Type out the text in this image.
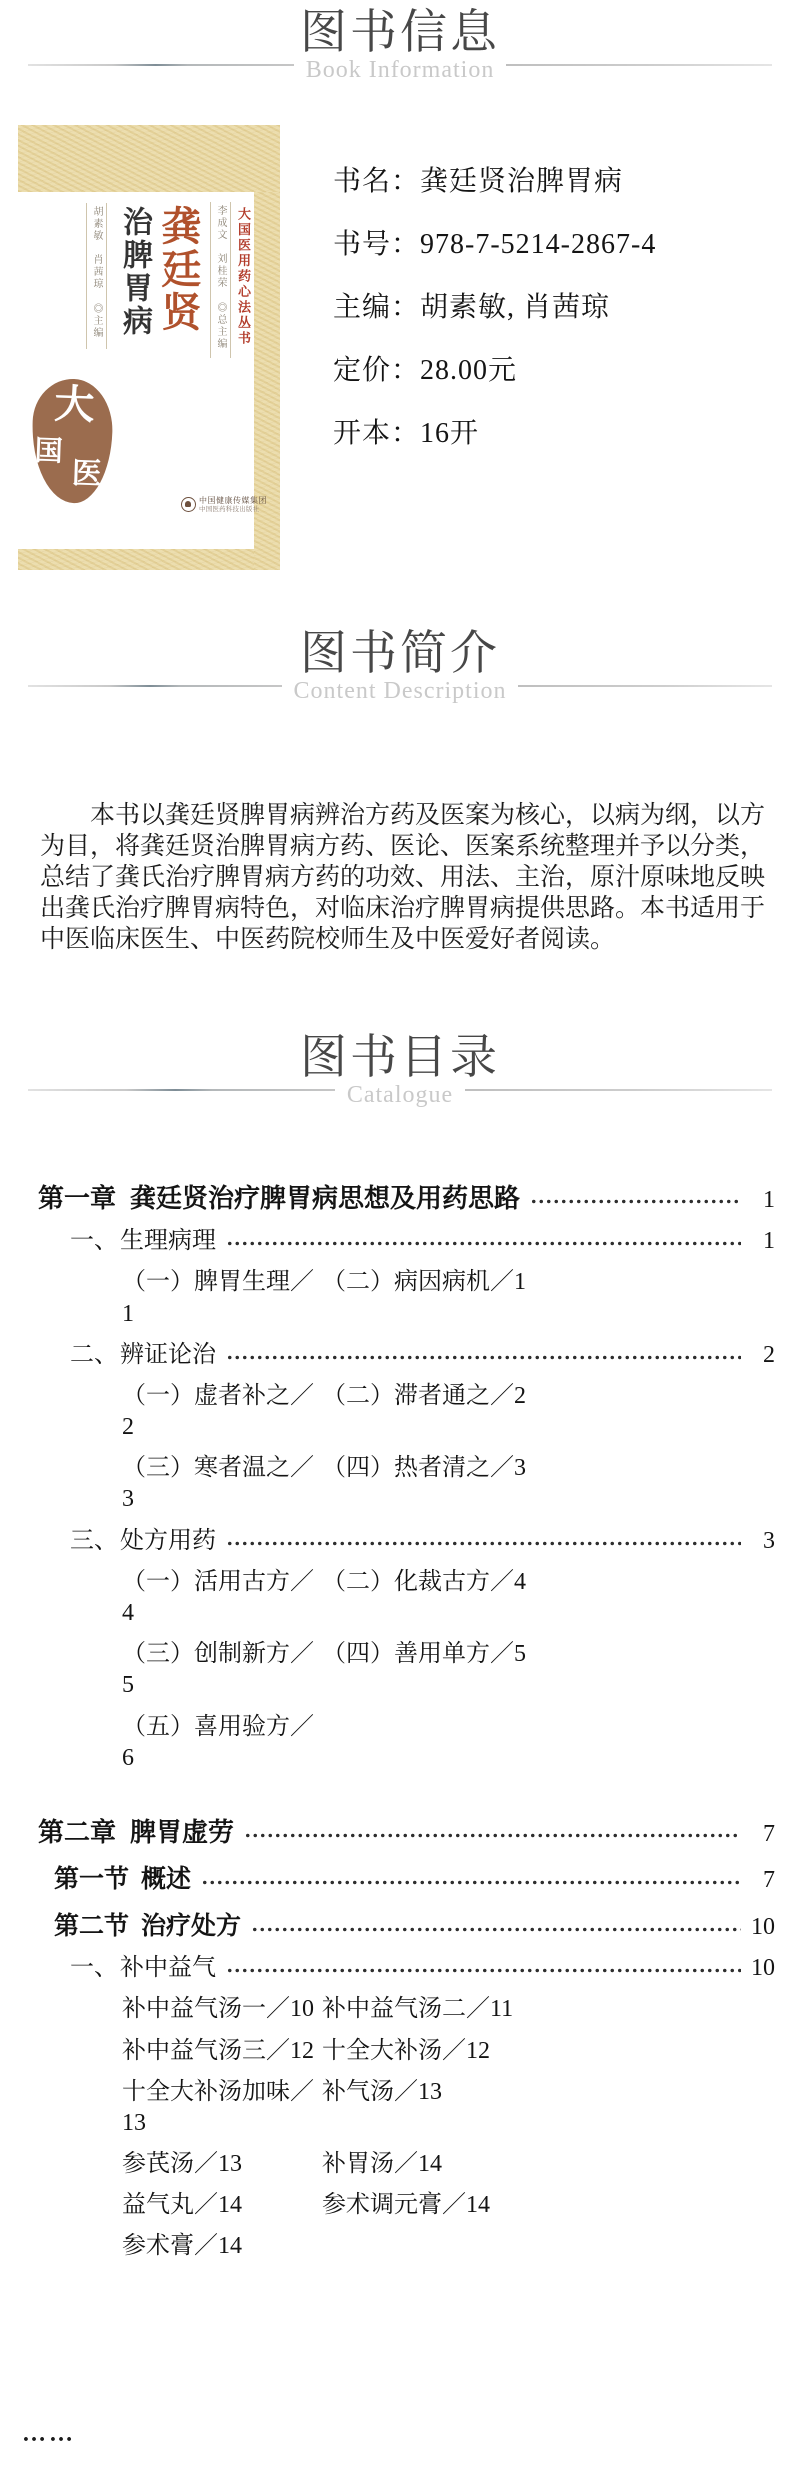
图书信息
Book Information
大国医用药心法丛书
李成文　刘桂荣 ◎总主编
龚廷贤
治脾胃病
胡素敏　肖茜琼 ◎主编
大
国
医
中国健康传媒集团
中国医药科技出版社
书名：龚廷贤治脾胃病
书号：978-7-5214-2867-4
主编：胡素敏, 肖茜琼
定价：28.00元
开本：16开
图书简介
Content Description

本书以龚廷贤脾胃病辨治方药及医案为核心，以病为纲，以方为目，将龚廷贤治脾胃病方药、医论、医案系统整理并予以分类，总结了龚氏治疗脾胃病方药的功效、用法、主治，原汁原味地反映出龚氏治疗脾胃病特色，对临床治疗脾胃病提供思路。本书适用于中医临床医生、中医药院校师生及中医爱好者阅读。

图书目录
Catalogue
第一章 龚廷贤治疗脾胃病思想及用药思路	1
一、 生理病理	1
（一）脾胃生理／1
（二）病因病机／1
二、 辨证论治	2
（一）虚者补之／2
（二）滞者通之／2
（三）寒者温之／3
（四）热者清之／3
三、 处方用药	3
（一）活用古方／4
（二）化裁古方／4
（三）创制新方／5
（四）善用单方／5
（五）喜用验方／6
第二章 脾胃虚劳	7
第一节 概述	7
第二节 治疗处方	10
一、 补中益气	10
补中益气汤一／10 补中益气汤二／11
补中益气汤三／12 十全大补汤／12
十全大补汤加味／13
补气汤／13
参芪汤／13	补胃汤／14
益气丸／14	参术调元膏／14
参术膏／14
……
